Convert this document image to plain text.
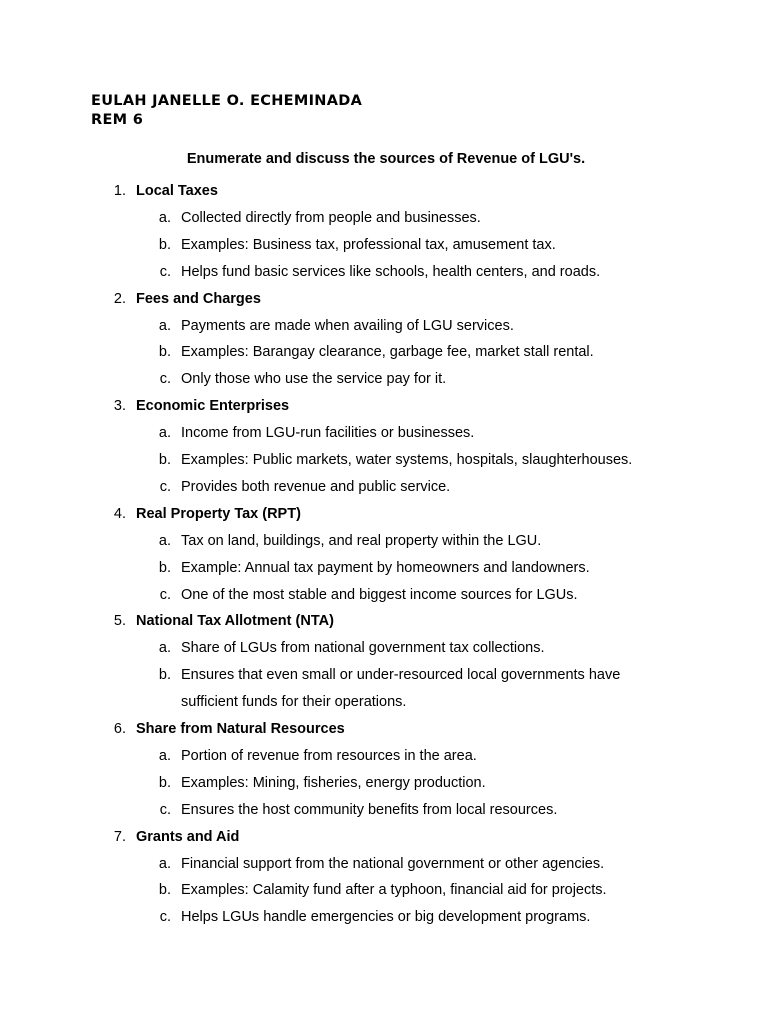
EULAH JANELLE O. ECHEMINADA
REM 6
Enumerate and discuss the sources of Revenue of LGU's.
1. Local Taxes
a. Collected directly from people and businesses.
b. Examples: Business tax, professional tax, amusement tax.
c. Helps fund basic services like schools, health centers, and roads.
2. Fees and Charges
a. Payments are made when availing of LGU services.
b. Examples: Barangay clearance, garbage fee, market stall rental.
c. Only those who use the service pay for it.
3. Economic Enterprises
a. Income from LGU-run facilities or businesses.
b. Examples: Public markets, water systems, hospitals, slaughterhouses.
c. Provides both revenue and public service.
4. Real Property Tax (RPT)
a. Tax on land, buildings, and real property within the LGU.
b. Example: Annual tax payment by homeowners and landowners.
c. One of the most stable and biggest income sources for LGUs.
5. National Tax Allotment (NTA)
a. Share of LGUs from national government tax collections.
b. Ensures that even small or under-resourced local governments have sufficient funds for their operations.
6. Share from Natural Resources
a. Portion of revenue from resources in the area.
b. Examples: Mining, fisheries, energy production.
c. Ensures the host community benefits from local resources.
7. Grants and Aid
a. Financial support from the national government or other agencies.
b. Examples: Calamity fund after a typhoon, financial aid for projects.
c. Helps LGUs handle emergencies or big development programs.
